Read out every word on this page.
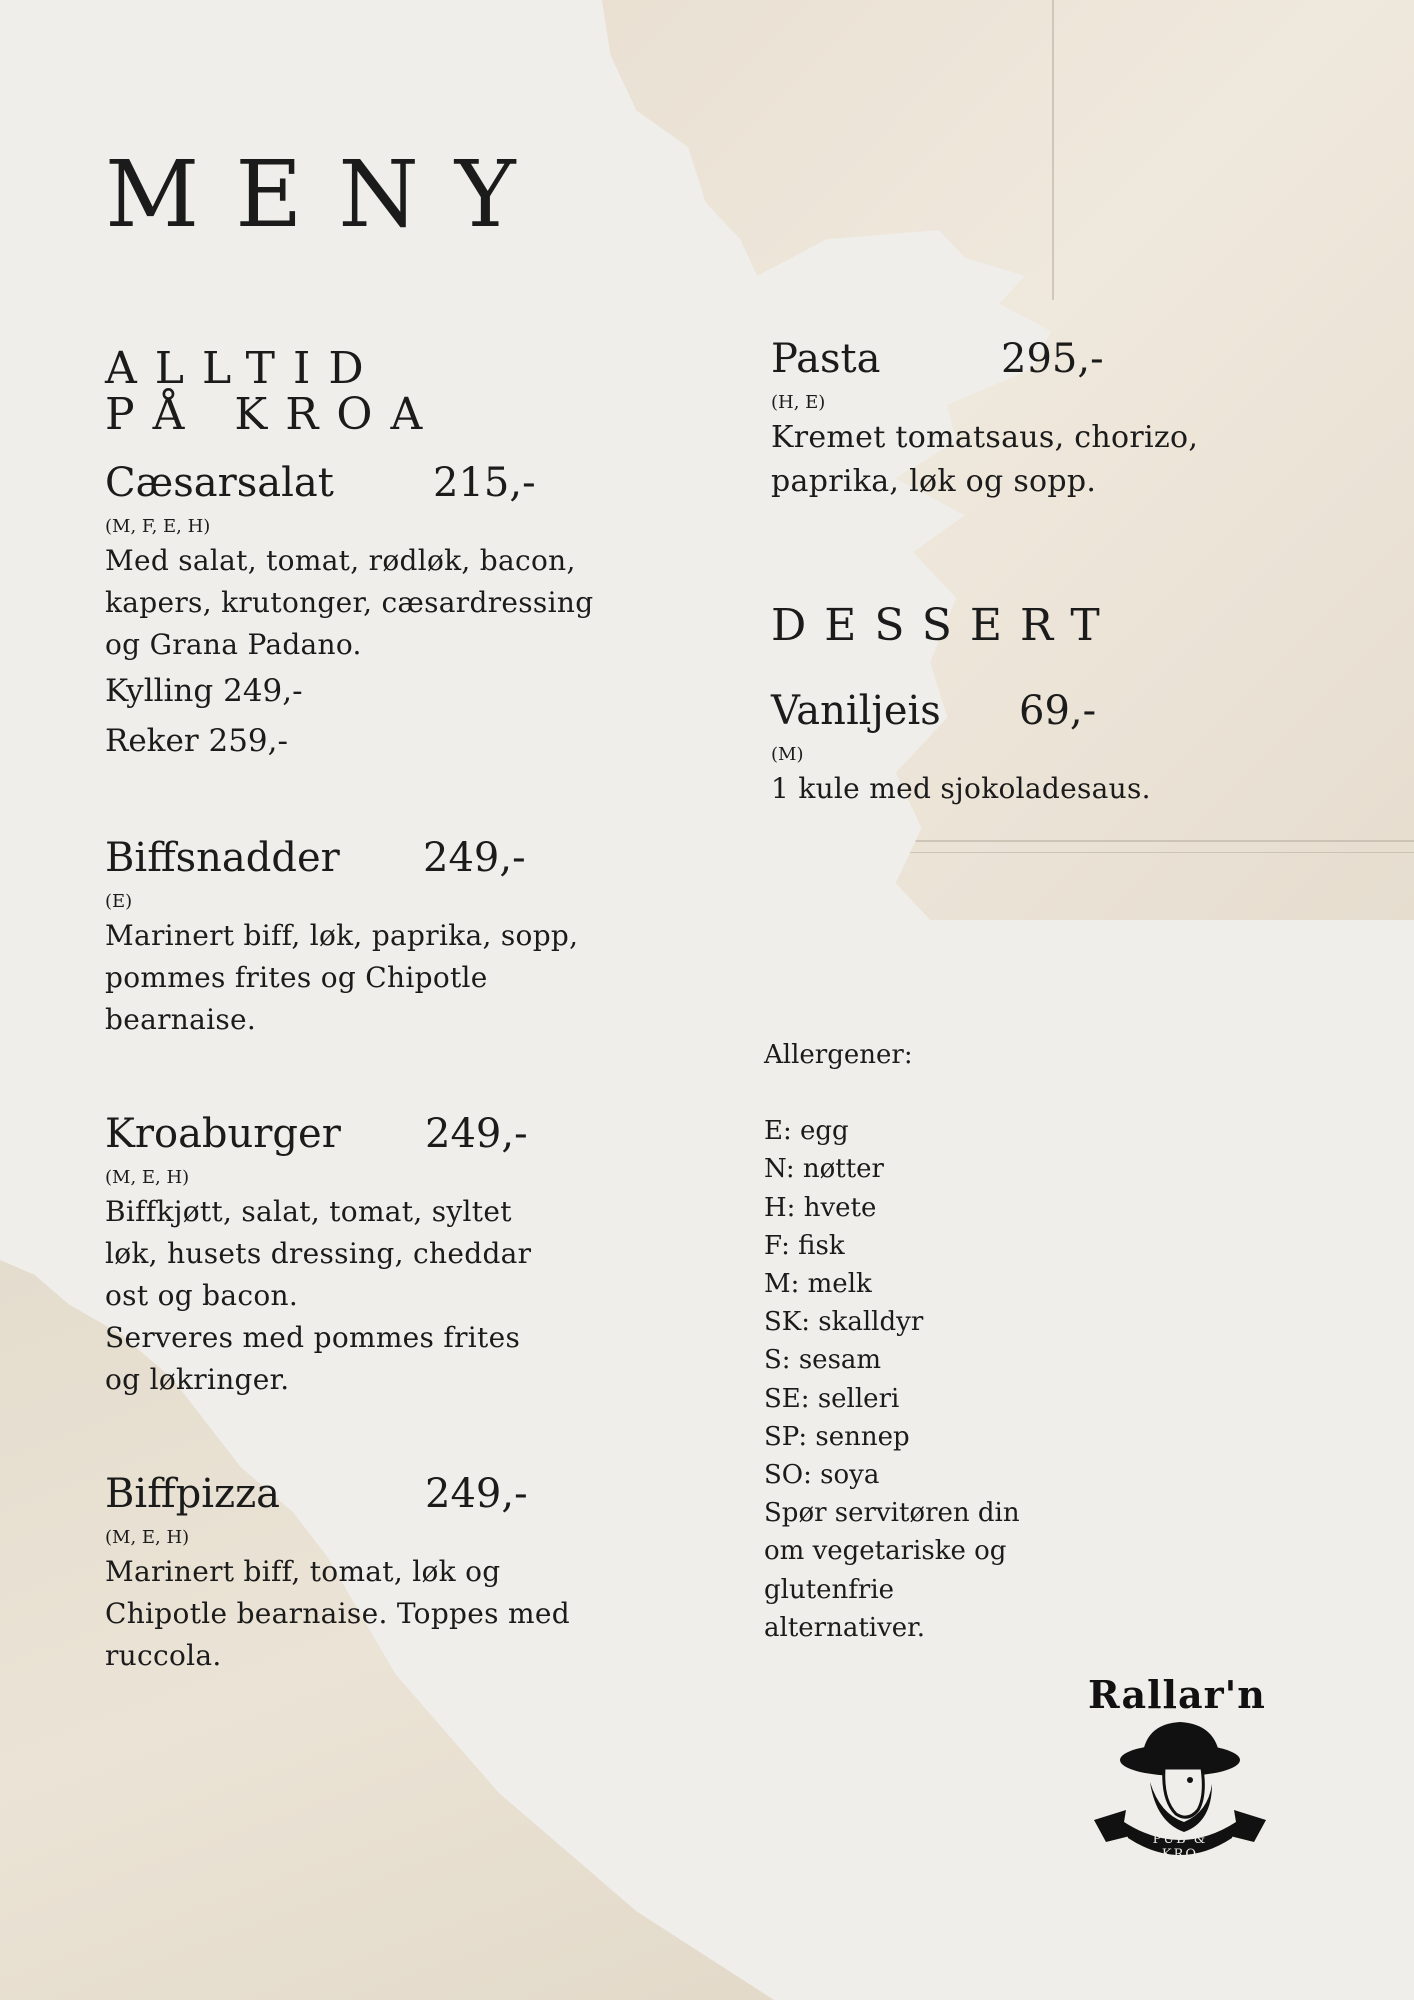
MENY
ALLTID
PÅ KROA
Cæsarsalat 215,-
(M, F, E, H)
Med salat, tomat, rødløk, bacon,
kapers, krutonger, cæsardressing
og Grana Padano.
Kylling 249,-
Reker 259,-
Biffsnadder 249,-
(E)
Marinert biff, løk, paprika, sopp,
pommes frites og Chipotle
bearnaise.
Kroaburger 249,-
(M, E, H)
Biffkjøtt, salat, tomat, syltet
løk, husets dressing, cheddar
ost og bacon.
Serveres med pommes frites
og løkringer.
Biffpizza	249,-
(M, E, H)
Marinert biff, tomat, løk og
Chipotle bearnaise. Toppes med
ruccola.
Pasta	295,-
(H, E)
Kremet tomatsaus, chorizo,
paprika, løk og sopp.
DESSERT
Vaniljeis 69,-
(M)
1 kule med sjokoladesaus.
Allergener:
E: egg
N: nøtter
H: hvete
F: fisk
M: melk
SK: skalldyr
S: sesam
SE: selleri
SP: sennep
SO: soya
Spør servitøren din
om vegetariske og
glutenfrie
alternativer.
Rallar'n
PUB & KRO
